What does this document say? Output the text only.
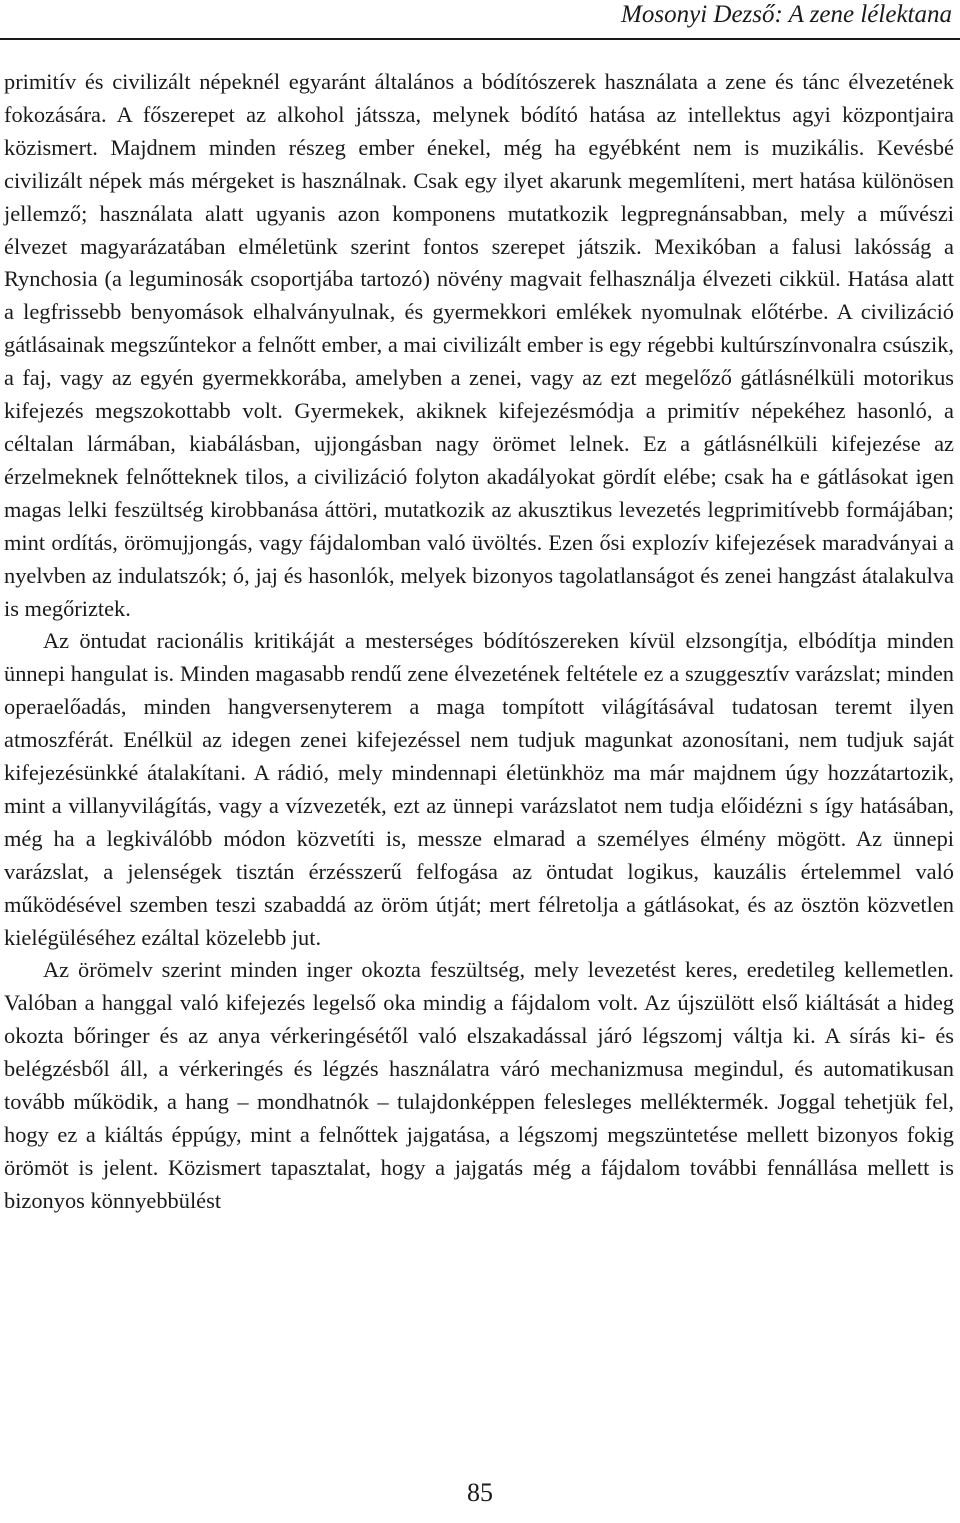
Mosonyi Dezső: A zene lélektana

primitív és civilizált népeknél egyaránt általános a bódítószerek használata a zene és tánc élvezetének fokozására. A főszerepet az alkohol játssza, melynek bódító hatása az intellektus agyi központjaira közismert. Majdnem minden részeg ember énekel, még ha egyébként nem is muzikális. Kevésbé civilizált népek más mérgeket is használnak. Csak egy ilyet akarunk megemlíteni, mert hatása különösen jellemző; használata alatt ugyanis azon komponens mutatkozik legpregnánsabban, mely a művészi élvezet magyarázatában elméletünk szerint fontos szerepet játszik. Mexikóban a falusi lakósság a Rynchosia (a leguminosák csoportjába tartozó) növény magvait felhasználja élvezeti cikkül. Hatása alatt a legfrissebb benyomások elhalványulnak, és gyermekkori emlékek nyomulnak előtérbe. A civilizáció gátlásainak megszűntekor a felnőtt ember, a mai civilizált ember is egy régebbi kultúrszínvonalra csúszik, a faj, vagy az egyén gyermekkorába, amelyben a zenei, vagy az ezt megelőző gátlásnélküli motorikus kifejezés megszokottabb volt. Gyermekek, akiknek kifejezésmódja a primitív népekéhez hasonló, a céltalan lármában, kiabálásban, ujjongásban nagy örömet lelnek. Ez a gátlásnélküli kifejezése az érzelmeknek felnőtteknek tilos, a civilizáció folyton akadályokat gördít elébe; csak ha e gátlásokat igen magas lelki feszültség kirobbanása áttöri, mutatkozik az akusztikus levezetés legprimitívebb formájában; mint ordítás, örömujjongás, vagy fájdalomban való üvöltés. Ezen ősi explozív kifejezések maradványai a nyelvben az indulatszók; ó, jaj és hasonlók, melyek bizonyos tagolatlanságot és zenei hangzást átalakulva is megőriztek.

Az öntudat racionális kritikáját a mesterséges bódítószereken kívül elzsongítja, elbódítja minden ünnepi hangulat is. Minden magasabb rendű zene élvezetének feltétele ez a szuggesztív varázslat; minden operaelőadás, minden hangversenyterem a maga tompított világításával tudatosan teremt ilyen atmoszférát. Enélkül az idegen zenei kifejezéssel nem tudjuk magunkat azonosítani, nem tudjuk saját kifejezésünkké átalakítani. A rádió, mely mindennapi életünkhöz ma már majdnem úgy hozzátartozik, mint a villanyvilágítás, vagy a vízvezeték, ezt az ünnepi varázslatot nem tudja előidézni s így hatásában, még ha a legkiválóbb módon közvetíti is, messze elmarad a személyes élmény mögött. Az ünnepi varázslat, a jelenségek tisztán érzésszerű felfogása az öntudat logikus, kauzális értelemmel való működésével szemben teszi szabaddá az öröm útját; mert félretolja a gátlásokat, és az ösztön közvetlen kielégüléséhez ezáltal közelebb jut.

Az örömelv szerint minden inger okozta feszültség, mely levezetést keres, eredetileg kellemetlen. Valóban a hanggal való kifejezés legelső oka mindig a fájdalom volt. Az újszülött első kiáltását a hideg okozta bőringer és az anya vérkeringésétől való elszakadással járó légszomj váltja ki. A sírás ki- és belégzésből áll, a vérkeringés és légzés használatra váró mechanizmusa megindul, és automatikusan tovább működik, a hang – mondhatnók – tulajdonképpen felesleges melléktermék. Joggal tehetjük fel, hogy ez a kiáltás éppúgy, mint a felnőttek jajgatása, a légszomj megszüntetése mellett bizonyos fokig örömöt is jelent. Közismert tapasztalat, hogy a jajgatás még a fájdalom további fennállása mellett is bizonyos könnyebbülést

85
